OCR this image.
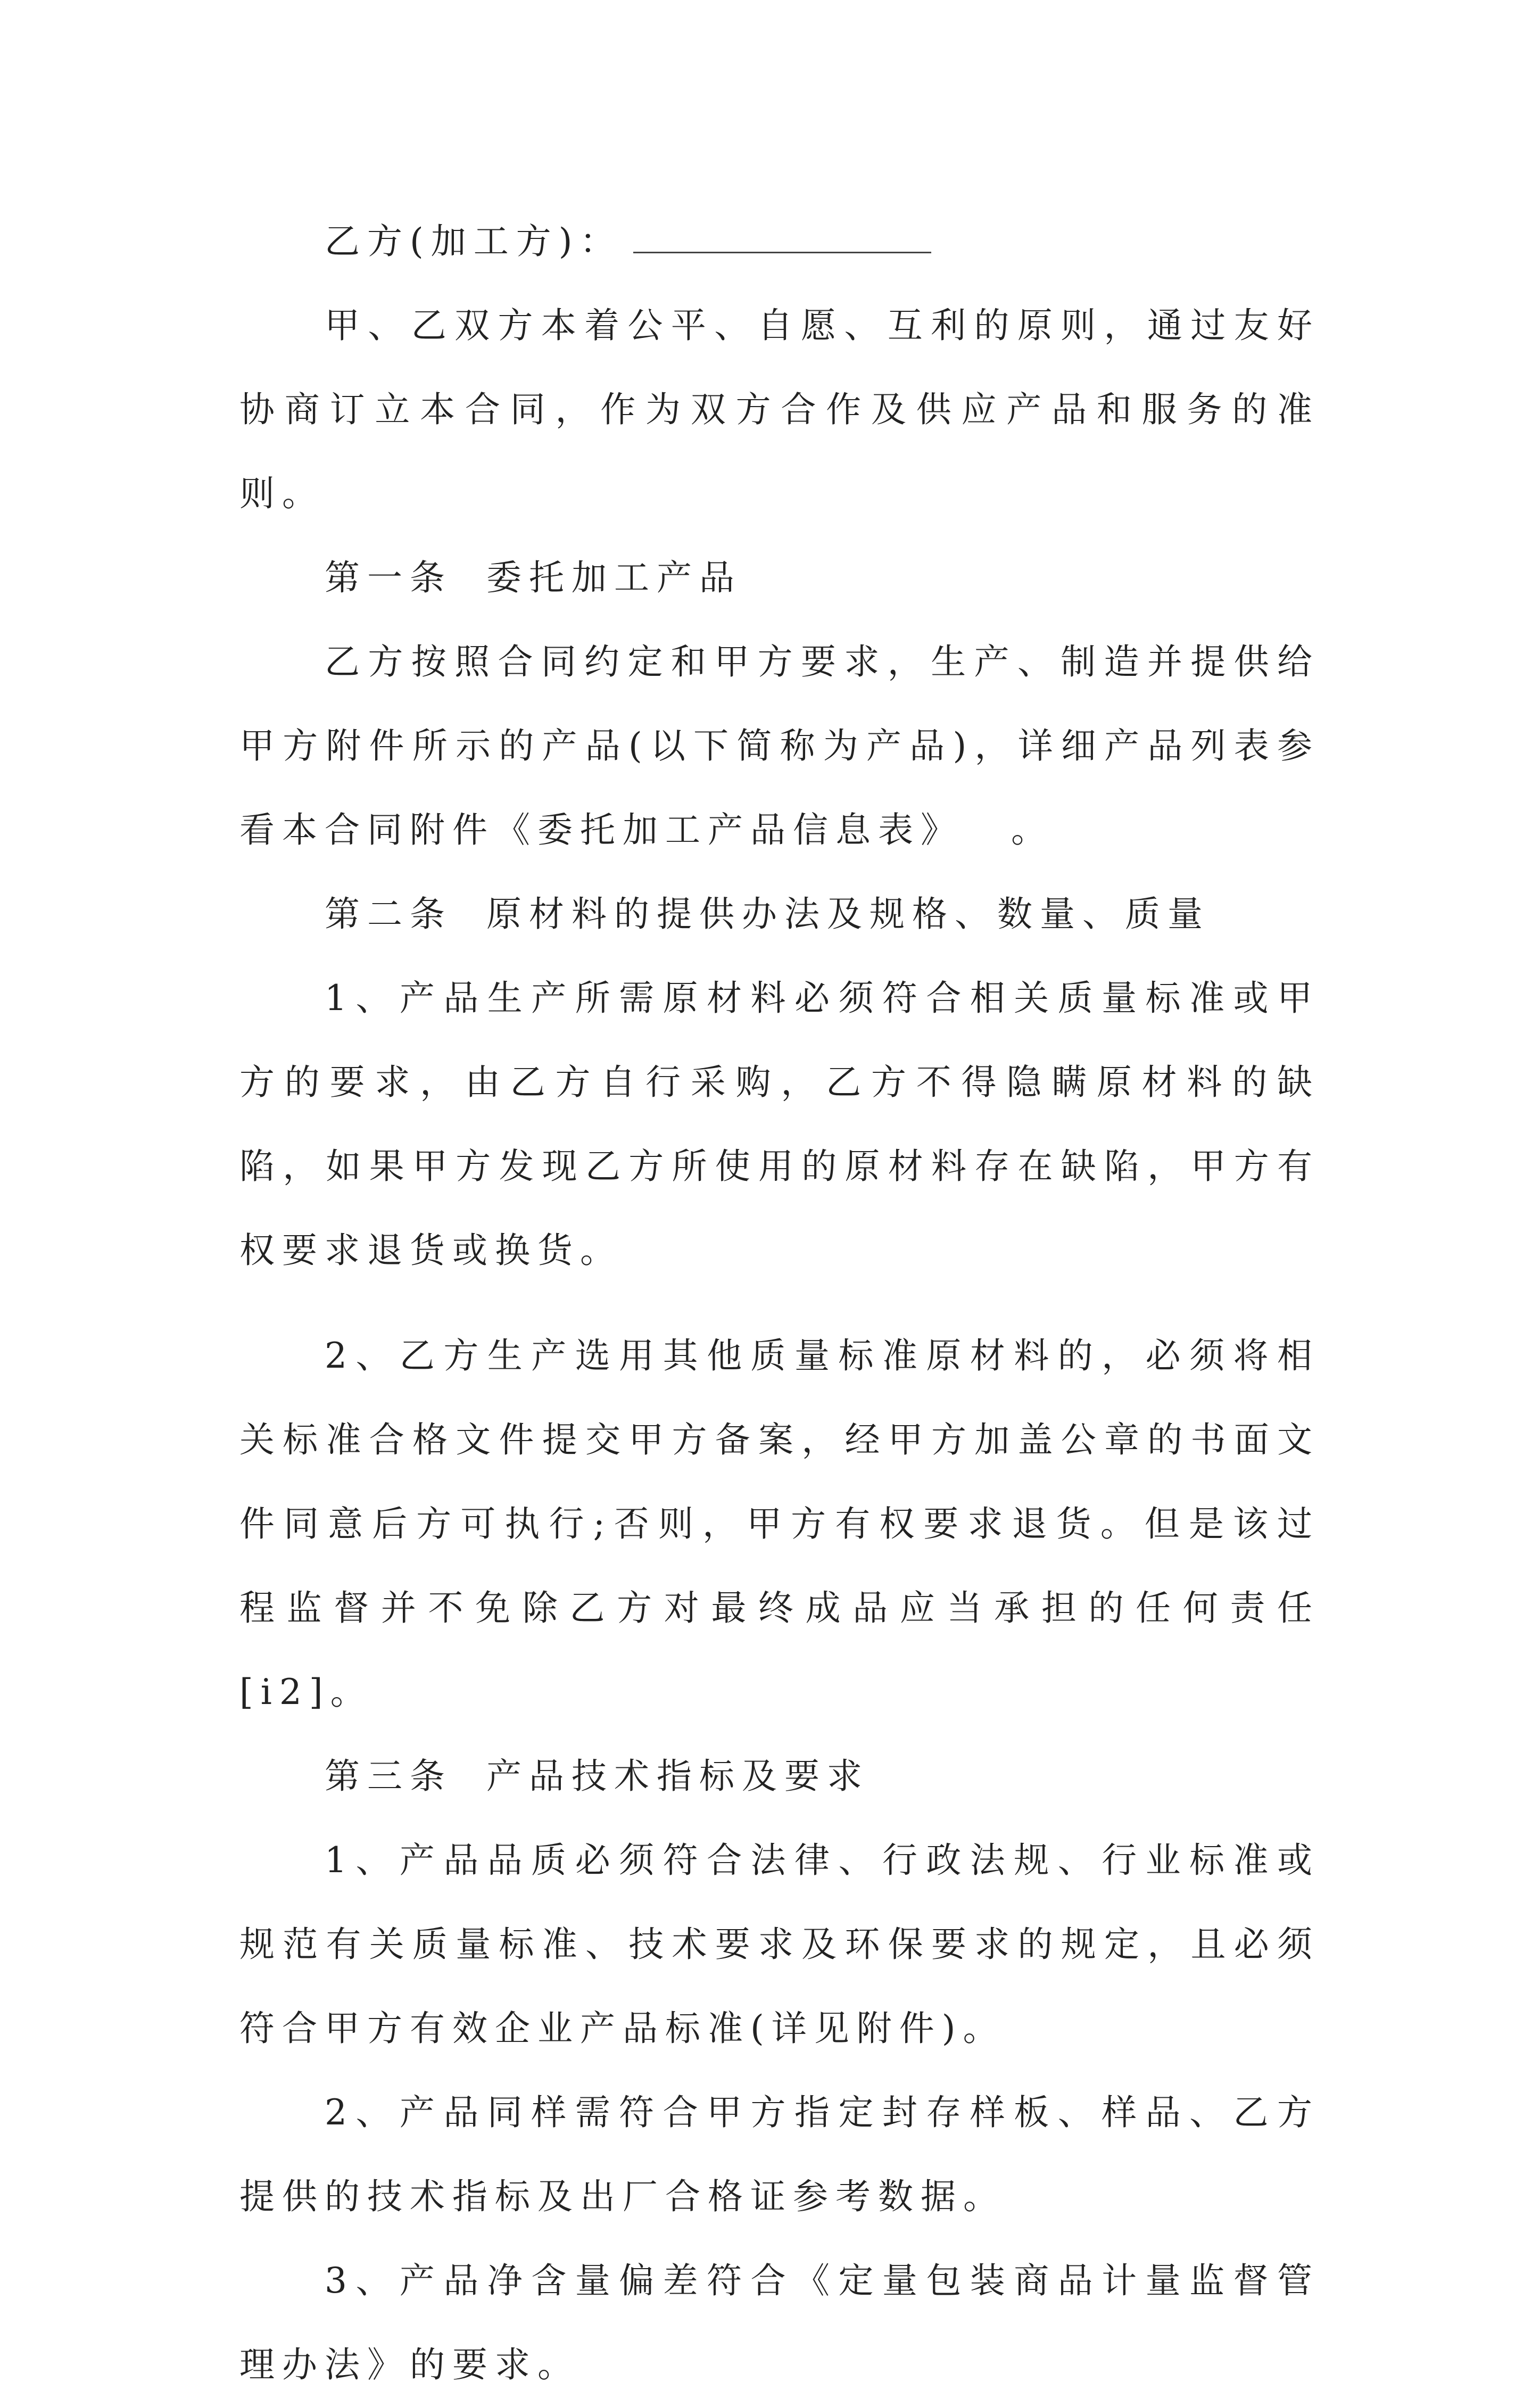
乙方(加工方)：

甲、乙双方本着公平、自愿、互利的原则，通过友好协商订立本合同，作为双方合作及供应产品和服务的准则。

第一条 委托加工产品

乙方按照合同约定和甲方要求，生产、制造并提供给甲方附件所示的产品(以下简称为产品)，详细产品列表参看本合同附件《委托加工产品信息表》 。

第二条 原材料的提供办法及规格、数量、质量

1、产品生产所需原材料必须符合相关质量标准或甲方的要求，由乙方自行采购，乙方不得隐瞒原材料的缺陷，如果甲方发现乙方所使用的原材料存在缺陷，甲方有权要求退货或换货。

2、乙方生产选用其他质量标准原材料的，必须将相关标准合格文件提交甲方备案，经甲方加盖公章的书面文件同意后方可执行;否则，甲方有权要求退货。但是该过程监督并不免除乙方对最终成品应当承担的任何责任[i2]。

第三条 产品技术指标及要求

1、产品品质必须符合法律、行政法规、行业标准或规范有关质量标准、技术要求及环保要求的规定，且必须符合甲方有效企业产品标准(详见附件)。

2、产品同样需符合甲方指定封存样板、样品、乙方提供的技术指标及出厂合格证参考数据。

3、产品净含量偏差符合《定量包装商品计量监督管理办法》的要求。
